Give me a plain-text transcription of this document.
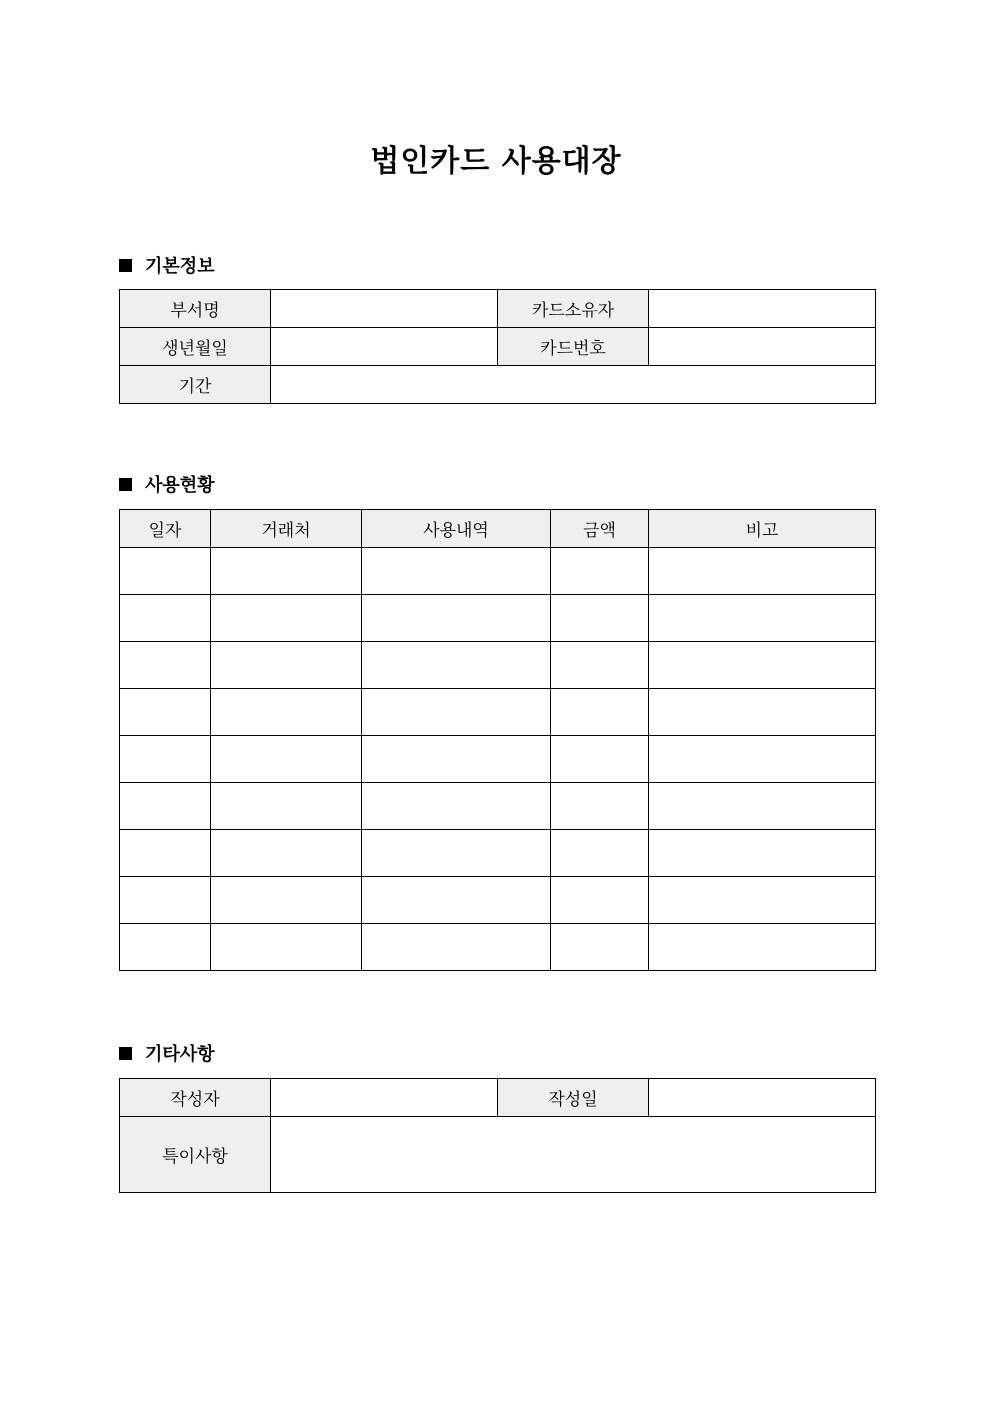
법인카드 사용대장
기본정보
부서명		카드소유자	
생년월일		카드번호	
기간			
사용현황
일자	거래처	사용내역	금액	비고

기타사항
작성자		작성일	
특이사항			
